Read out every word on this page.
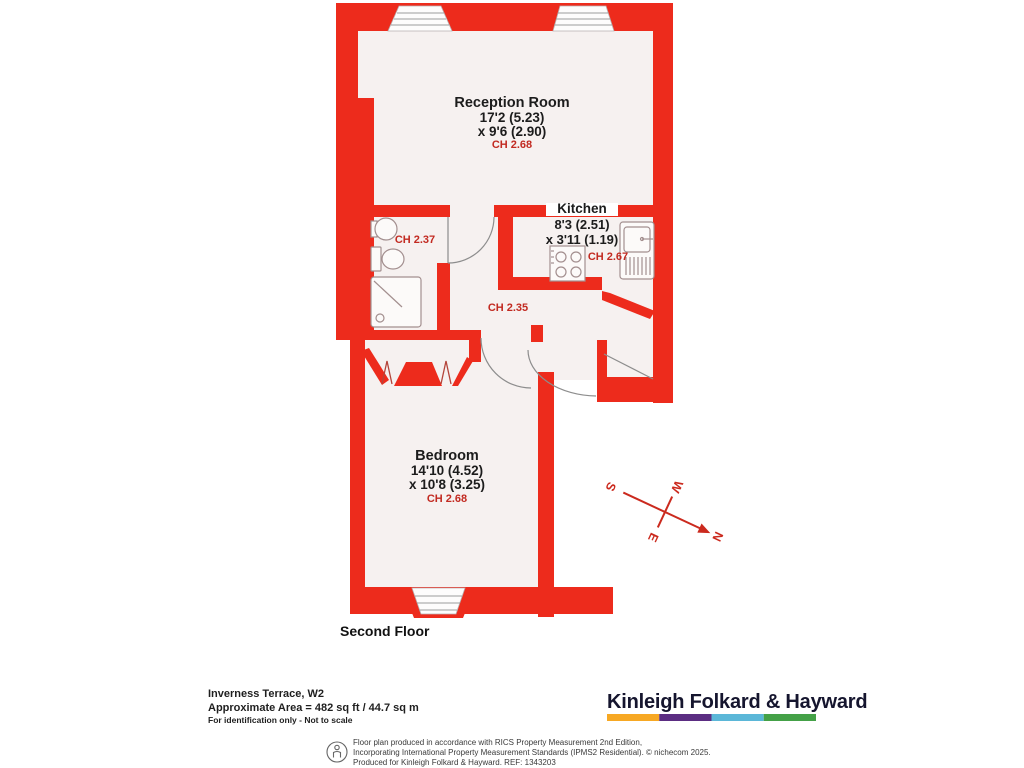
Reception Room
17'2 (5.23)
x 9'6 (2.90)
Kitchen
8'3 (2.51)
x 3'11 (1.19)
Bedroom
14'10 (4.52)
x 10'8 (3.25)
CH 2.68
CH 2.67
CH 2.37
CH 2.35
CH 2.68
N
S
E
W
Second Floor
Inverness Terrace, W2
Approximate Area = 482 sq ft / 44.7 sq m
For identification only - Not to scale
Kinleigh Folkard & Hayward
Floor plan produced in accordance with RICS Property Measurement 2nd Edition,
Incorporating International Property Measurement Standards (IPMS2 Residential). © nichecom 2025.
Produced for Kinleigh Folkard & Hayward. REF: 1343203
